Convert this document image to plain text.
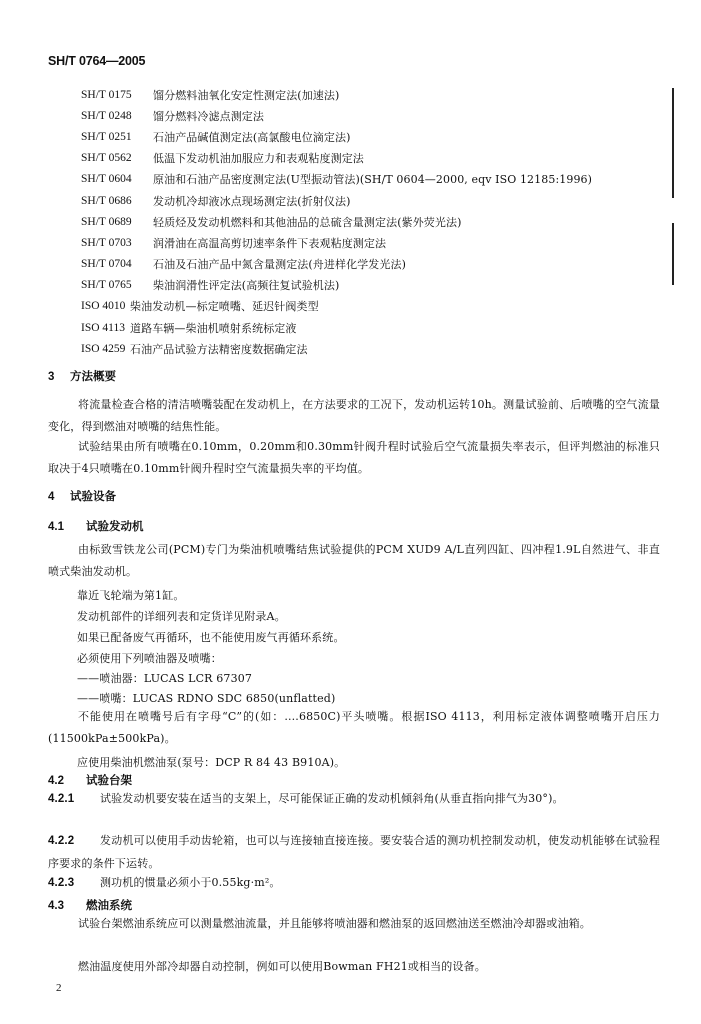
SH/T 0764—2005
SH/T 0175	馏分燃料油氧化安定性测定法(加速法)
SH/T 0248	馏分燃料冷滤点测定法
SH/T 0251	石油产品碱值测定法(高氯酸电位滴定法)
SH/T 0562	低温下发动机油加服应力和表观粘度测定法
SH/T 0604	原油和石油产品密度测定法(U型振动管法)(SH/T 0604—2000, eqv ISO 12185:1996)
SH/T 0686	发动机冷却液冰点现场测定法(折射仪法)
SH/T 0689	轻质烃及发动机燃料和其他油品的总硫含量测定法(紫外荧光法)
SH/T 0703	润滑油在高温高剪切速率条件下表观粘度测定法
SH/T 0704	石油及石油产品中氮含量测定法(舟进样化学发光法)
SH/T 0765	柴油润滑性评定法(高频往复试验机法)
ISO 4010 柴油发动机—标定喷嘴、延迟针阀类型
ISO 4113 道路车辆—柴油机喷射系统标定液
ISO 4259 石油产品试验方法精密度数据确定法
3 方法概要
将流量检查合格的清洁喷嘴装配在发动机上，在方法要求的工况下，发动机运转10h。测量试验前、后喷嘴的空气流量变化，得到燃油对喷嘴的结焦性能。
试验结果由所有喷嘴在0.10mm，0.20mm和0.30mm针阀升程时试验后空气流量损失率表示，但评判燃油的标准只取决于4只喷嘴在0.10mm针阀升程时空气流量损失率的平均值。
4 试验设备
4.1 试验发动机
由标致雪铁龙公司(PCM)专门为柴油机喷嘴结焦试验提供的PCM XUD9 A/L直列四缸、四冲程1.9L自然进气、非直喷式柴油发动机。
靠近飞轮端为第1缸。
发动机部件的详细列表和定货详见附录A。
如果已配备废气再循环，也不能使用废气再循环系统。
必须使用下列喷油器及喷嘴：
——喷油器：LUCAS LCR 67307
——喷嘴：LUCAS RDNO SDC 6850(unflatted)
不能使用在喷嘴号后有字母“C”的(如：....6850C)平头喷嘴。根据ISO 4113，利用标定液体调整喷嘴开启压力(11500kPa±500kPa)。
应使用柴油机燃油泵(泵号：DCP R 84 43 B910A)。
4.2 试验台架
4.2.1 试验发动机要安装在适当的支架上，尽可能保证正确的发动机倾斜角(从垂直指向排气为30°)。
4.2.2 发动机可以使用手动齿轮箱，也可以与连接轴直接连接。要安装合适的测功机控制发动机，使发动机能够在试验程序要求的条件下运转。
4.2.3 测功机的惯量必须小于0.55kg·m²。
4.3 燃油系统
试验台架燃油系统应可以测量燃油流量，并且能够将喷油器和燃油泵的返回燃油送至燃油冷却器或油箱。
燃油温度使用外部冷却器自动控制，例如可以使用Bowman FH21或相当的设备。
2
